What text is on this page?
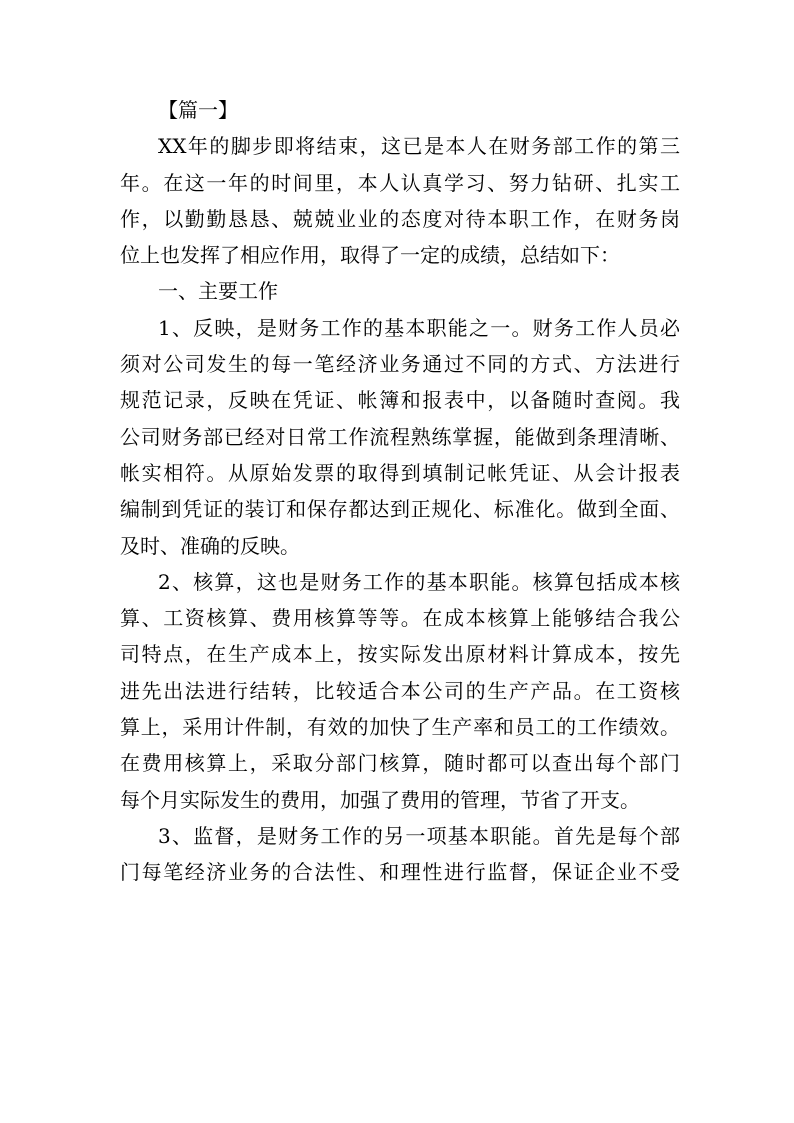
【篇一】

XX年的脚步即将结束，这已是本人在财务部工作的第三

年。在这一年的时间里，本人认真学习、努力钻研、扎实工

作，以勤勤恳恳、兢兢业业的态度对待本职工作，在财务岗

位上也发挥了相应作用，取得了一定的成绩，总结如下：

一、主要工作

1、反映，是财务工作的基本职能之一。财务工作人员必

须对公司发生的每一笔经济业务通过不同的方式、方法进行

规范记录，反映在凭证、帐簿和报表中，以备随时查阅。我

公司财务部已经对日常工作流程熟练掌握，能做到条理清晰、

帐实相符。从原始发票的取得到填制记帐凭证、从会计报表

编制到凭证的装订和保存都达到正规化、标准化。做到全面、

及时、准确的反映。

2、核算，这也是财务工作的基本职能。核算包括成本核

算、工资核算、费用核算等等。在成本核算上能够结合我公

司特点，在生产成本上，按实际发出原材料计算成本，按先

进先出法进行结转，比较适合本公司的生产产品。在工资核

算上，采用计件制，有效的加快了生产率和员工的工作绩效。

在费用核算上，采取分部门核算，随时都可以查出每个部门

每个月实际发生的费用，加强了费用的管理，节省了开支。

3、监督，是财务工作的另一项基本职能。首先是每个部

门每笔经济业务的合法性、和理性进行监督，保证企业不受
